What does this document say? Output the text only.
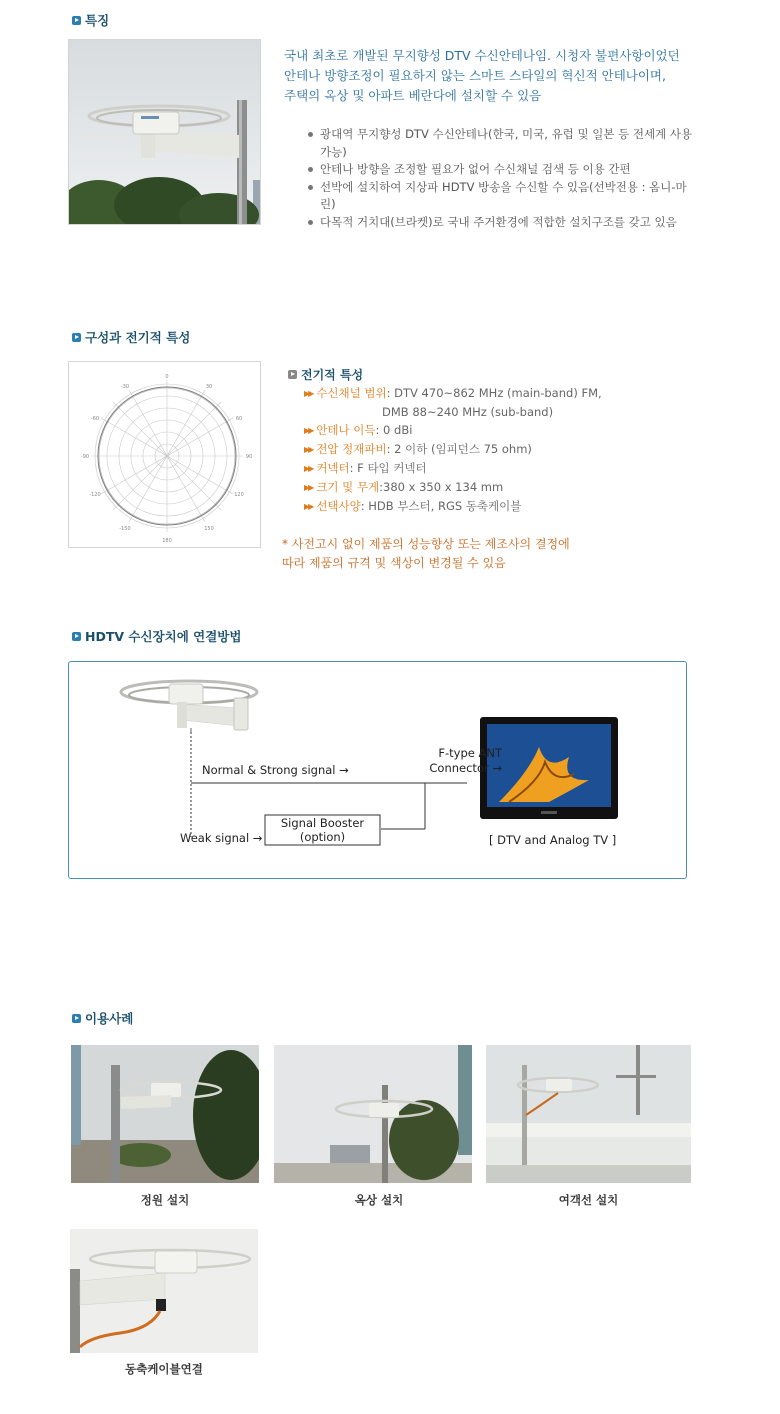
특징
국내 최초로 개발된 무지향성 DTV 수신안테나임. 시청자 불편사항이었던
안테나 방향조정이 필요하지 않는 스마트 스타일의 혁신적 안테나이며,
주택의 옥상 및 아파트 베란다에 설치할 수 있음
광대역 무지향성 DTV 수신안테나(한국, 미국, 유럽 및 일본 등 전세계 사용가능)
안테나 방향을 조정할 필요가 없어 수신채널 검색 등 이용 간편
선박에 설치하여 지상파 HDTV 방송을 수신할 수 있음(선박전용 : 옴니-마린)
다목적 거치대(브라켓)로 국내 주거환경에 적합한 설치구조를 갖고 있음
구성과 전기적 특성
0
30
60
90
120
150
180
-150
-120
-90
-60
-30
전기적 특성
▶▶ 수신채널 범위 : DTV 470~862 MHz (main-band) FM,
DMB 88~240 MHz (sub-band)
▶▶ 안테나 이득 : 0 dBi
▶▶ 전압 정재파비 : 2 이하 (임피던스 75 ohm)
▶▶ 커넥터 : F 타입 커넥터
▶▶ 크기 및 무게 :380 x 350 x 134 mm
▶▶ 선택사양 : HDB 부스터, RGS 동축케이블
* 사전고시 없이 제품의 성능향상 또는 제조사의 결정에
따라 제품의 규격 및 색상이 변경될 수 있음
HDTV 수신장치에 연결방법
Normal & Strong signal →
F-type ANT
Connector →
Signal Booster
(option)
Weak signal →	[ DTV and Analog TV ]
이용사례
정원 설치	옥상 설치	여객선 설치
동축케이블연결
